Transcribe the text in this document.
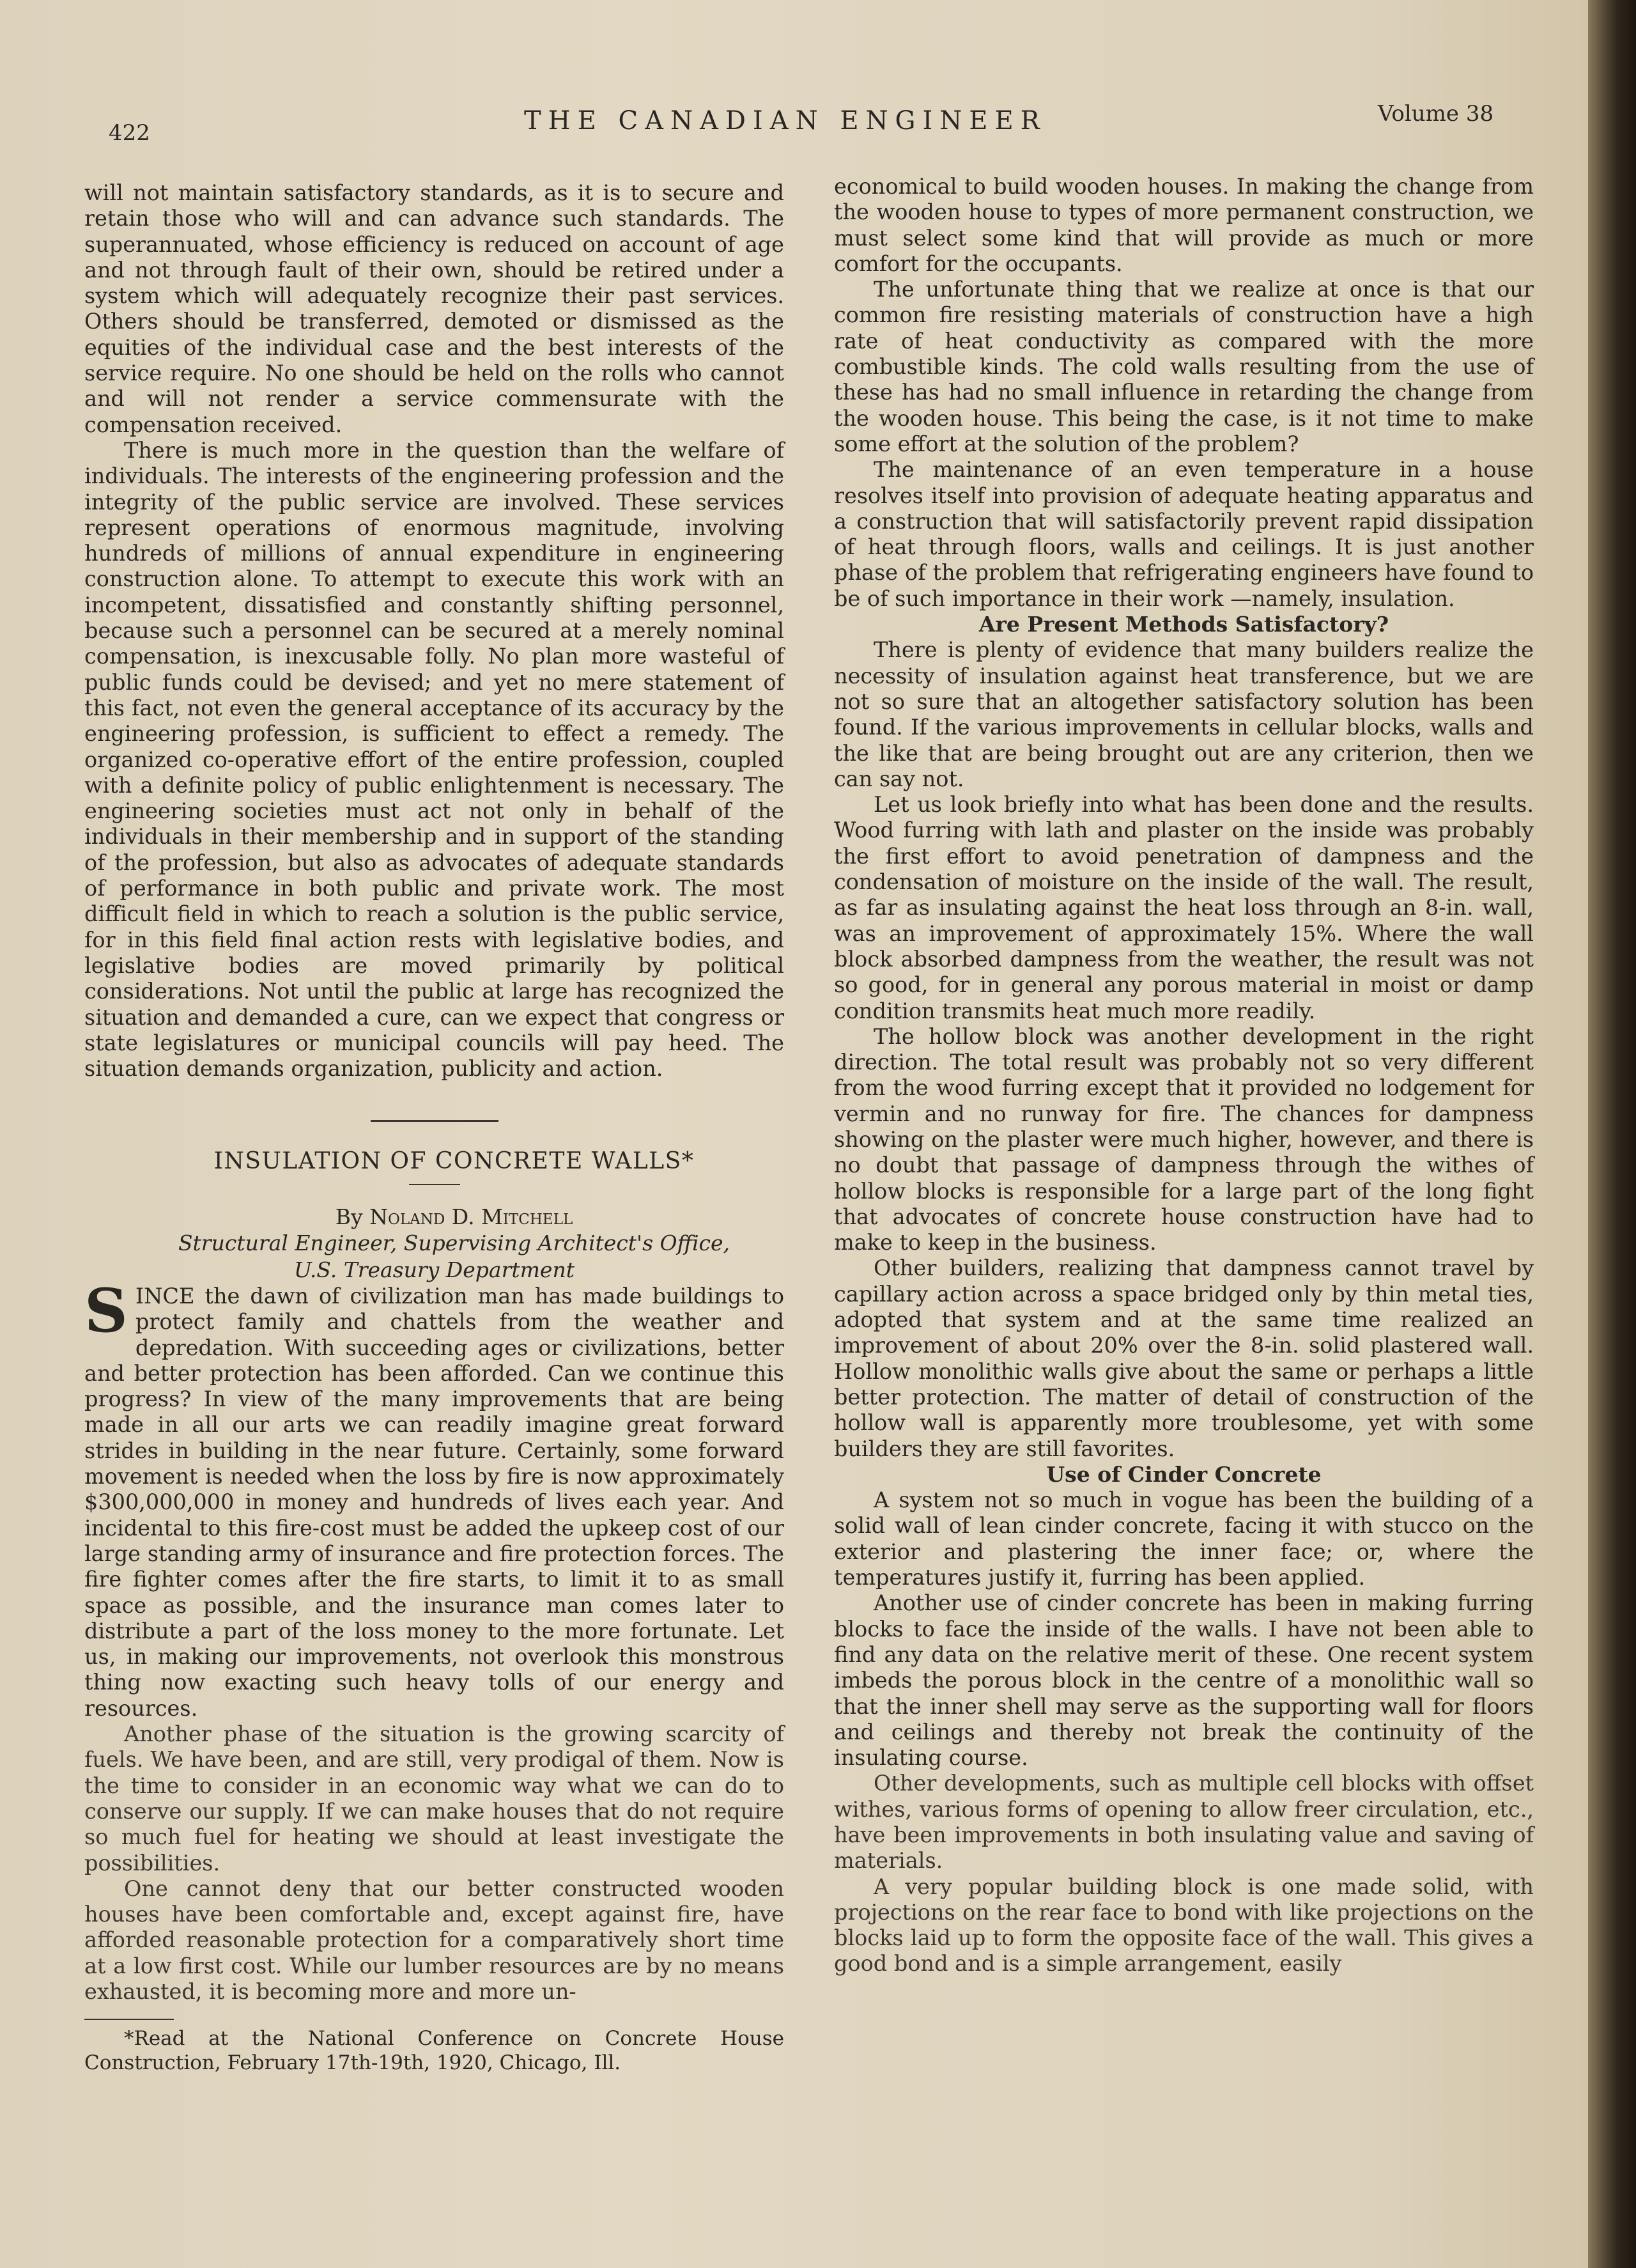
422	THE CANADIAN ENGINEER	Volume 38

will not maintain satisfactory standards, as it is to secure and retain those who will and can advance such standards. The superannuated, whose efficiency is reduced on account of age and not through fault of their own, should be retired under a system which will adequately recognize their past services. Others should be transferred, demoted or dismissed as the equities of the individual case and the best interests of the service require. No one should be held on the rolls who cannot and will not render a service commensurate with the compensation received.

There is much more in the question than the welfare of individuals. The interests of the engineering profession and the integrity of the public service are involved. These services represent operations of enormous magnitude, involving hundreds of millions of annual expenditure in engineering construction alone. To attempt to execute this work with an incompetent, dissatisfied and constantly shifting personnel, because such a personnel can be secured at a merely nominal compensation, is inexcusable folly. No plan more wasteful of public funds could be devised; and yet no mere statement of this fact, not even the general acceptance of its accuracy by the engineering profession, is sufficient to effect a remedy. The organized co-operative effort of the entire profession, coupled with a definite policy of public enlightenment is necessary. The engineering societies must act not only in behalf of the individuals in their membership and in support of the standing of the profession, but also as advocates of adequate standards of performance in both public and private work. The most difficult field in which to reach a solution is the public service, for in this field final action rests with legislative bodies, and legislative bodies are moved primarily by political considerations. Not until the public at large has recognized the situation and demanded a cure, can we expect that congress or state legislatures or municipal councils will pay heed. The situation demands organization, publicity and action.

INSULATION OF CONCRETE WALLS*

By Noland D. Mitchell

Structural Engineer, Supervising Architect's Office,
U.S. Treasury Department

SINCE the dawn of civilization man has made buildings to protect family and chattels from the weather and depredation. With succeeding ages or civilizations, better and better protection has been afforded. Can we continue this progress? In view of the many improvements that are being made in all our arts we can readily imagine great forward strides in building in the near future. Certainly, some forward movement is needed when the loss by fire is now approximately $300,000,000 in money and hundreds of lives each year. And incidental to this fire-cost must be added the upkeep cost of our large standing army of insurance and fire protection forces. The fire fighter comes after the fire starts, to limit it to as small space as possible, and the insurance man comes later to distribute a part of the loss money to the more fortunate. Let us, in making our improvements, not overlook this monstrous thing now exacting such heavy tolls of our energy and resources.

Another phase of the situation is the growing scarcity of fuels. We have been, and are still, very prodigal of them. Now is the time to consider in an economic way what we can do to conserve our supply. If we can make houses that do not require so much fuel for heating we should at least investigate the possibilities.

One cannot deny that our better constructed wooden houses have been comfortable and, except against fire, have afforded reasonable protection for a comparatively short time at a low first cost. While our lumber resources are by no means exhausted, it is becoming more and more un-

*Read at the National Conference on Concrete House Construction, February 17th-19th, 1920, Chicago, Ill.

economical to build wooden houses. In making the change from the wooden house to types of more permanent construction, we must select some kind that will provide as much or more comfort for the occupants.

The unfortunate thing that we realize at once is that our common fire resisting materials of construction have a high rate of heat conductivity as compared with the more combustible kinds. The cold walls resulting from the use of these has had no small influence in retarding the change from the wooden house. This being the case, is it not time to make some effort at the solution of the problem?

The maintenance of an even temperature in a house resolves itself into provision of adequate heating apparatus and a construction that will satisfactorily prevent rapid dissipation of heat through floors, walls and ceilings. It is just another phase of the problem that refrigerating engineers have found to be of such importance in their work —namely, insulation.

Are Present Methods Satisfactory?

There is plenty of evidence that many builders realize the necessity of insulation against heat transference, but we are not so sure that an altogether satisfactory solution has been found. If the various improvements in cellular blocks, walls and the like that are being brought out are any criterion, then we can say not.

Let us look briefly into what has been done and the results. Wood furring with lath and plaster on the inside was probably the first effort to avoid penetration of dampness and the condensation of moisture on the inside of the wall. The result, as far as insulating against the heat loss through an 8-in. wall, was an improvement of approximately 15%. Where the wall block absorbed dampness from the weather, the result was not so good, for in general any porous material in moist or damp condition transmits heat much more readily.

The hollow block was another development in the right direction. The total result was probably not so very different from the wood furring except that it provided no lodgement for vermin and no runway for fire. The chances for dampness showing on the plaster were much higher, however, and there is no doubt that passage of dampness through the withes of hollow blocks is responsible for a large part of the long fight that advocates of concrete house construction have had to make to keep in the business.

Other builders, realizing that dampness cannot travel by capillary action across a space bridged only by thin metal ties, adopted that system and at the same time realized an improvement of about 20% over the 8-in. solid plastered wall. Hollow monolithic walls give about the same or perhaps a little better protection. The matter of detail of construction of the hollow wall is apparently more troublesome, yet with some builders they are still favorites.

Use of Cinder Concrete

A system not so much in vogue has been the building of a solid wall of lean cinder concrete, facing it with stucco on the exterior and plastering the inner face; or, where the temperatures justify it, furring has been applied.

Another use of cinder concrete has been in making furring blocks to face the inside of the walls. I have not been able to find any data on the relative merit of these. One recent system imbeds the porous block in the centre of a monolithic wall so that the inner shell may serve as the supporting wall for floors and ceilings and thereby not break the continuity of the insulating course.

Other developments, such as multiple cell blocks with offset withes, various forms of opening to allow freer circulation, etc., have been improvements in both insulating value and saving of materials.

A very popular building block is one made solid, with projections on the rear face to bond with like projections on the blocks laid up to form the opposite face of the wall. This gives a good bond and is a simple arrangement, easily
